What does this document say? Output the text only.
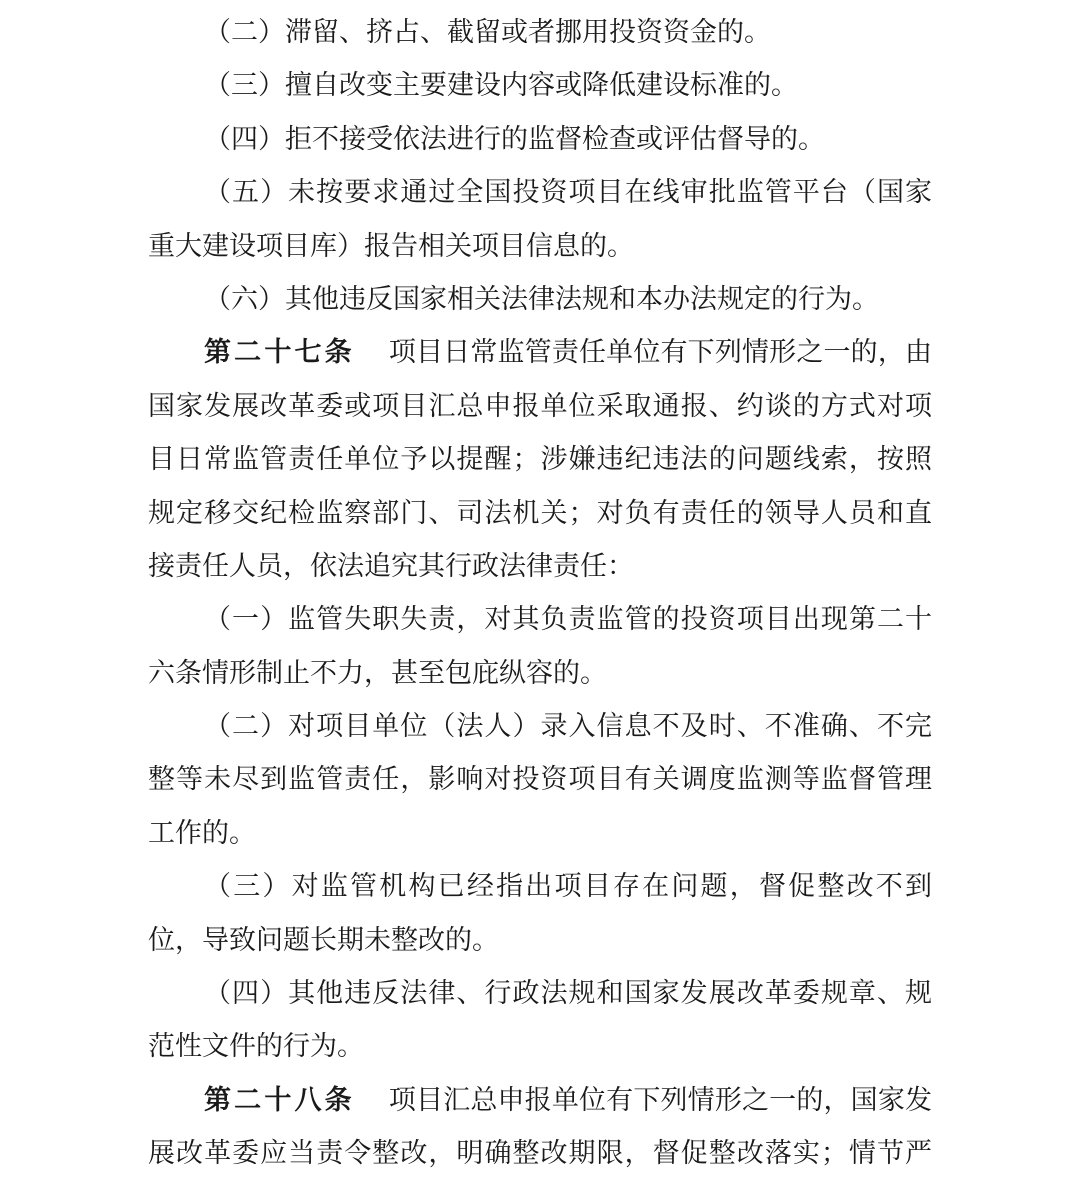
（二）滞留、挤占、截留或者挪用投资资金的。
（三）擅自改变主要建设内容或降低建设标准的。
（四）拒不接受依法进行的监督检查或评估督导的。
（五）未按要求通过全国投资项目在线审批监管平台（国家
重大建设项目库）报告相关项目信息的。
（六）其他违反国家相关法律法规和本办法规定的行为。
第二十七条 项目日常监管责任单位有下列情形之一的，由
国家发展改革委或项目汇总申报单位采取通报、约谈的方式对项
目日常监管责任单位予以提醒；涉嫌违纪违法的问题线索，按照
规定移交纪检监察部门、司法机关；对负有责任的领导人员和直
接责任人员，依法追究其行政法律责任：
（一）监管失职失责，对其负责监管的投资项目出现第二十
六条情形制止不力，甚至包庇纵容的。
（二）对项目单位（法人）录入信息不及时、不准确、不完
整等未尽到监管责任，影响对投资项目有关调度监测等监督管理
工作的。
（三）对监管机构已经指出项目存在问题，督促整改不到
位，导致问题长期未整改的。
（四）其他违反法律、行政法规和国家发展改革委规章、规
范性文件的行为。
第二十八条 项目汇总申报单位有下列情形之一的，国家发
展改革委应当责令整改，明确整改期限，督促整改落实；情节严
